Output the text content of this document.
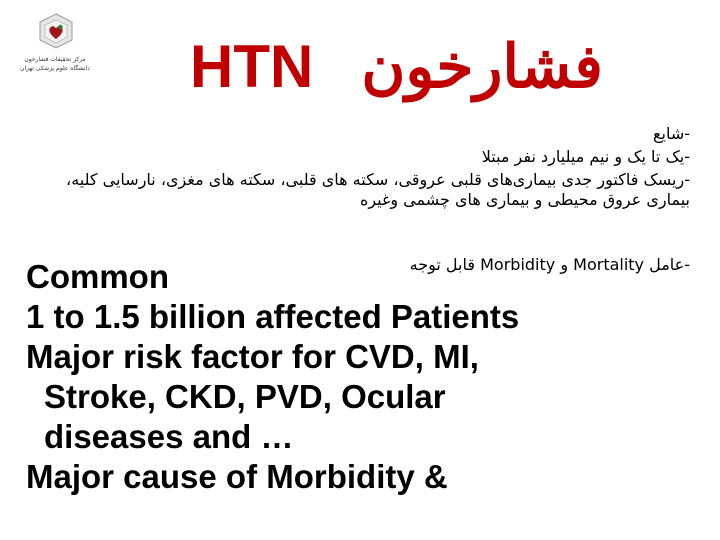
مرکز تحقیقات فشارخون
دانشگاه علوم پزشکی تهران HTN فشارخون
-شايع
-یک تا یک و نیم میلیارد نفر مبتلا
-ریسک فاکتور جدی بیماری‌های قلبی عروقی، سکته های قلبی، سکته های مغزی، نارسایی کلیه، بیماری عروق محیطی و بیماری های چشمی وغیره
-عامل Mortality و Morbidity قابل توجه
Common
1 to 1.5 billion affected Patients
Major risk factor for CVD, MI,
Stroke, CKD, PVD, Ocular
diseases and …
Major cause of Morbidity &
